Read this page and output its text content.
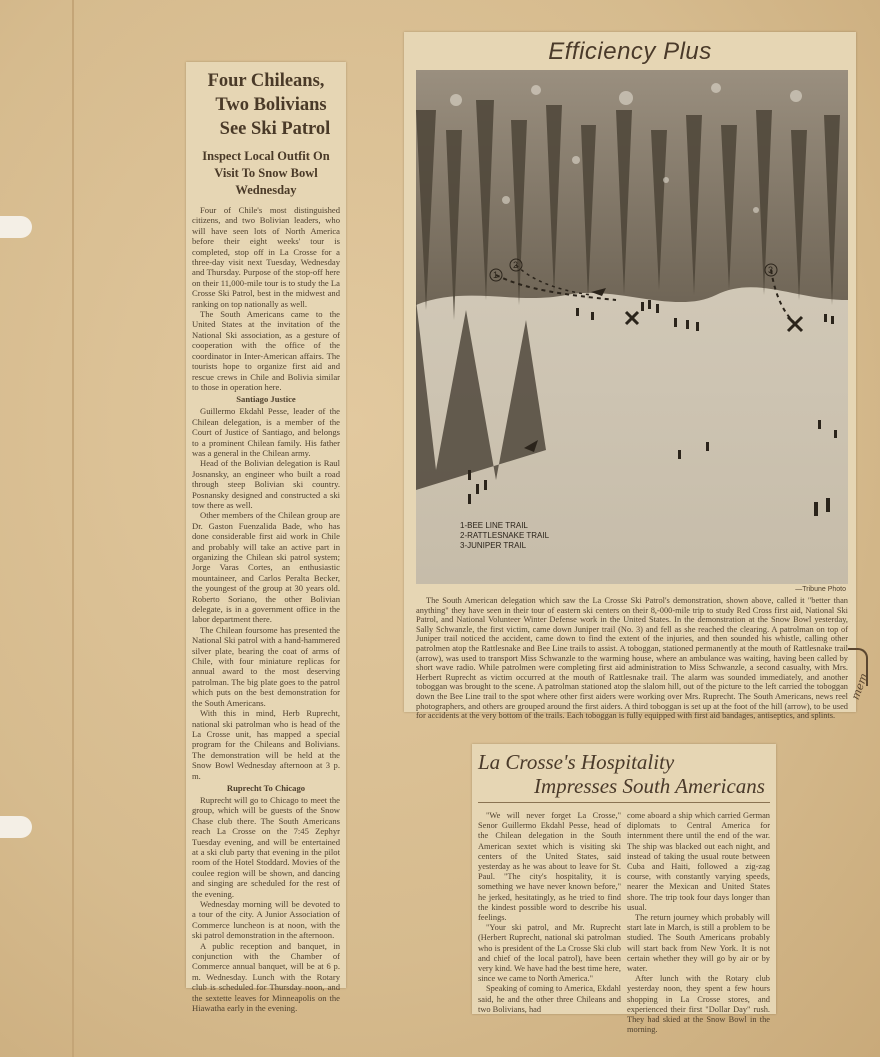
Four Chileans,
Two Bolivians
See Ski Patrol
Inspect Local Outfit On Visit To Snow Bowl Wednesday

Four of Chile's most distinguished citizens, and two Bolivian leaders, who will have seen lots of North America before their eight weeks' tour is completed, stop off in La Crosse for a three-day visit next Tuesday, Wednesday and Thursday. Purpose of the stop-off here on their 11,000-mile tour is to study the La Crosse Ski Patrol, best in the midwest and ranking on top nationally as well.

The South Americans came to the United States at the invitation of the National Ski association, as a gesture of cooperation with the office of the coordinator in Inter-American affairs. The tourists hope to organize first aid and rescue crews in Chile and Bolivia similar to those in operation here.

Santiago Justice

Guillermo Ekdahl Pesse, leader of the Chilean delegation, is a member of the Court of Justice of Santiago, and belongs to a prominent Chilean family. His father was a general in the Chilean army.

Head of the Bolivian delegation is Raul Josnansky, an engineer who built a road through steep Bolivian ski country. Posnansky designed and constructed a ski tow there as well.

Other members of the Chilean group are Dr. Gaston Fuenzalida Bade, who has done considerable first aid work in Chile and probably will take an active part in organizing the Chilean ski patrol system; Jorge Varas Cortes, an enthusiastic mountaineer, and Carlos Peralta Becker, the youngest of the group at 30 years old. Roberto Soriano, the other Bolivian delegate, is in a government office in the labor department there.

The Chilean foursome has presented the National Ski patrol with a hand-hammered silver plate, bearing the coat of arms of Chile, with four miniature replicas for annual award to the most deserving patrolman. The big plate goes to the patrol which puts on the best demonstration for the South Americans.

With this in mind, Herb Ruprecht, national ski patrolman who is head of the La Crosse unit, has mapped a special program for the Chileans and Bolivians. The demonstration will be held at the Snow Bowl Wednesday afternoon at 3 p. m.

Ruprecht To Chicago

Ruprecht will go to Chicago to meet the group, which will be guests of the Snow Chase club there. The South Americans reach La Crosse on the 7:45 Zephyr Tuesday evening, and will be entertained at a ski club party that evening in the pilot room of the Hotel Stoddard. Movies of the coulee region will be shown, and dancing and singing are scheduled for the rest of the evening.

Wednesday morning will be devoted to a tour of the city. A Junior Association of Commerce luncheon is at noon, with the ski patrol demonstration in the afternoon.

A public reception and banquet, in conjunction with the Chamber of Commerce annual banquet, will be at 6 p. m. Wednesday. Lunch with the Rotary club is scheduled for Thursday noon, and the sextette leaves for Minneapolis on the Hiawatha early in the evening.

Efficiency Plus
1
2	3
1-BEE LINE TRAIL
2-RATTLESNAKE TRAIL
3-JUNIPER TRAIL
—Tribune Photo
The South American delegation which saw the La Crosse Ski Patrol's demonstration, shown above, called it "better than anything" they have seen in their tour of eastern ski centers on their 8,-000-mile trip to study Red Cross first aid, National Ski Patrol, and National Volunteer Winter Defense work in the United States. In the demonstration at the Snow Bowl yesterday, Sally Schwanzle, the first victim, came down Juniper trail (No. 3) and fell as she reached the clearing. A patrolman on top of Juniper trail noticed the accident, came down to find the extent of the injuries, and then sounded his whistle, calling other patrolmen atop the Rattlesnake and Bee Line trails to assist. A toboggan, stationed permanently at the mouth of Rattlesnake trail (arrow), was used to transport Miss Schwanzle to the warming house, where an ambulance was waiting, having been called by short wave radio. While patrolmen were completing first aid administration to Miss Schwanzle, a second casualty, with Mrs. Herbert Ruprecht as victim occurred at the mouth of Rattlesnake trail. The alarm was sounded immediately, and another toboggan was brought to the scene. A patrolman stationed atop the slalom hill, out of the picture to the left carried the toboggan down the Bee Line trail to the spot where other first aiders were working over Mrs. Ruprecht. The South Americans, news reel photographers, and others are grouped around the first aiders. A third toboggan is set up at the foot of the hill (arrow), to be used for accidents at the very bottom of the trails. Each toboggan is fully equipped with first aid bandages, antiseptics, and splints.
La Crosse's Hospitality
Impresses South Americans

"We will never forget La Crosse," Senor Guillermo Ekdahl Pesse, head of the Chilean delegation in the South American sextet which is visiting ski centers of the United States, said yesterday as he was about to leave for St. Paul. "The city's hospitality, it is something we have never known before," he jerked, hesitatingly, as he tried to find the kindest possible word to describe his feelings.

"Your ski patrol, and Mr. Ruprecht (Herbert Ruprecht, national ski patrolman who is president of the La Crosse Ski club and chief of the local patrol), have been very kind. We have had the best time here, since we came to North America."

Speaking of coming to America, Ekdahl said, he and the other three Chileans and two Bolivians, had

come aboard a ship which carried German diplomats to Central America for internment there until the end of the war. The ship was blacked out each night, and instead of taking the usual route between Cuba and Haiti, followed a zig-zag course, with constantly varying speeds, nearer the Mexican and United States shore. The trip took four days longer than usual.

The return journey which probably will start late in March, is still a problem to be studied. The South Americans probably will start back from New York. It is not certain whether they will go by air or by water.

After lunch with the Rotary club yesterday noon, they spent a few hours shopping in La Crosse stores, and experienced their first "Dollar Day" rush. They had skied at the Snow Bowl in the morning.

mem
